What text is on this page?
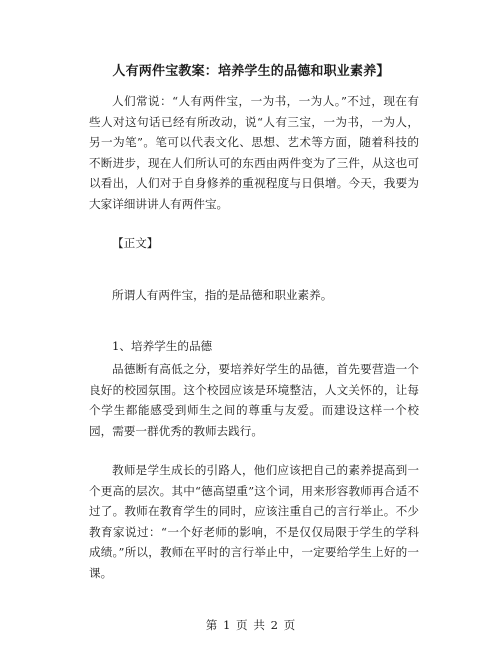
人有两件宝教案：培养学生的品德和职业素养】

人们常说：“人有两件宝，一为书，一为人。”不过，现在有些人对这句话已经有所改动，说“人有三宝，一为书，一为人，另一为笔”。笔可以代表文化、思想、艺术等方面，随着科技的不断进步，现在人们所认可的东西由两件变为了三件，从这也可以看出，人们对于自身修养的重视程度与日俱增。今天，我要为大家详细讲讲人有两件宝。

【正文】

所谓人有两件宝，指的是品德和职业素养。

1、培养学生的品德

品德断有高低之分，要培养好学生的品德，首先要营造一个良好的校园氛围。这个校园应该是环境整洁，人文关怀的，让每个学生都能感受到师生之间的尊重与友爱。而建设这样一个校园，需要一群优秀的教师去践行。

教师是学生成长的引路人，他们应该把自己的素养提高到一个更高的层次。其中“德高望重”这个词，用来形容教师再合适不过了。教师在教育学生的同时，应该注重自己的言行举止。不少教育家说过：“一个好老师的影响，不是仅仅局限于学生的学科成绩。”所以，教师在平时的言行举止中，一定要给学生上好的一课。

第 1 页 共 2 页
